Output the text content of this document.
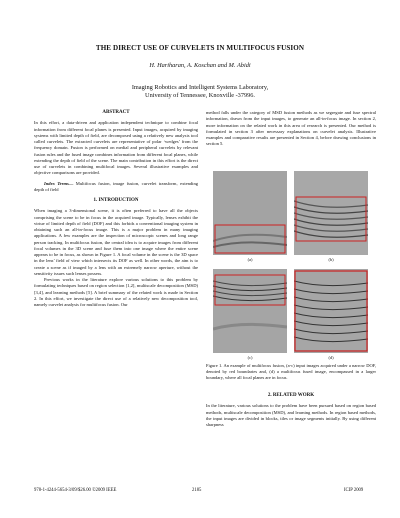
THE DIRECT USE OF CURVELETS IN MULTIFOCUS FUSION
H. Hariharan, A. Koschan and M. Abidi
Imaging Robotics and Intelligent Systems Laboratory,
University of Tennessee, Knoxville -37996.
ABSTRACT

In this effort, a data-driven and application independent technique to combine focal information from different focal planes is presented. Input images, acquired by imaging systems with limited depth of field, are decomposed using a relatively new analysis tool called curvelets. The extracted curvelets are representative of polar ‘wedges’ from the frequency domain. Fusion is performed on medial and peripheral curvelets by relevant fusion rules and the fused image combines information from different focal planes, while extending the depth of field of the scene. The main contribution in this effort is the direct use of curvelets in combining multifocal images. Several illustrative examples and objective comparisons are provided.

Index Terms— Multifocus fusion, image fusion, curvelet transform, extending depth of field

1. INTRODUCTION

When imaging a 3-dimensional scene, it is often preferred to have all the objects comprising the scene to be in focus in the acquired image. Typically, lenses exhibit the virtue of limited depth of field (DOF) and this forbids a conventional imaging system in obtaining such an all-in-focus image. This is a major problem in many imaging applications. A few examples are the inspection of microscopic scenes and long range person tracking. In multifocus fusion, the central idea is to acquire images from different focal volumes in the 3D scene and fuse them into one image where the entire scene appears to be in focus, as shown in Figure 1. A focal volume in the scene is the 3D space in the lens’ field of view which intersects its DOF as well. In other words, the aim is to create a scene as if imaged by a lens with an extremely narrow aperture, without the sensitivity issues such lenses possess.

Previous works in the literature explore various solutions to this problem by formulating techniques based on region selection [1,2], multiscale decomposition (MSD) [3,4], and learning methods [5]. A brief summary of the related work is made in Section 2. In this effort, we investigate the direct use of a relatively new decomposition tool, namely curvelet analysis for multifocus fusion. Our

method falls under the category of MSD fusion methods as we segregate and fuse spectral information, drawn from the input images, to generate an all-in-focus image. In section 2, more information on the related work in this area of research is presented. Our method is formulated in section 3 after necessary explanations on curvelet analysis. Illustrative examples and comparative results are presented in Section 4, before drawing conclusions in section 5.

(a)	(b)
(c)	(d)
Figure 1. An example of multifocus fusion, (a-c) input images acquired under a narrow DOF, denoted by red boundaries and, (d) a multifocus fused image, encompassed in a larger boundary, where all focal planes are in focus.
2. RELATED WORK

In the literature, various solutions to the problem have been pursued based on region based methods, multiscale decomposition (MSD), and learning methods. In region based methods, the input images are divided in blocks, tiles or image segments initially. By using different sharpness

978-1-4244-5654-3/09/$26.00 ©2009 IEEE	2185	ICIP 2009
